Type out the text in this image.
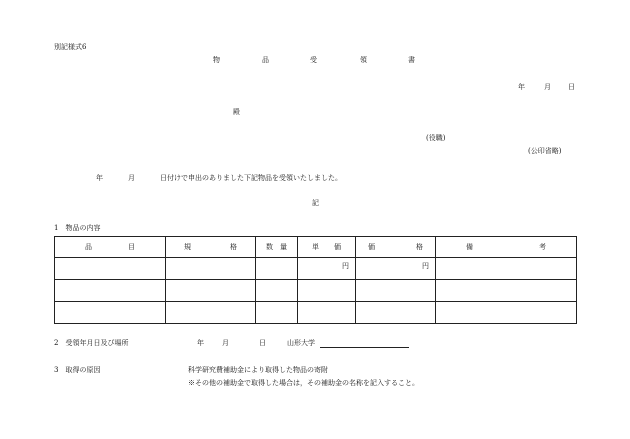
別記様式6
物	品	受	領	書
年	月 日
殿
(役職)
(公印省略)
年	月	日付けで申出のありました下記物品を受領いたしました。
記
1　物品の内容
品 目	規 格	数 量	単 価	価 格	備 考

			円	円	

2　受領年月日及び場所	年	月	日	山形大学
3　取得の原因	科学研究費補助金により取得した物品の寄附
※その他の補助金で取得した場合は，その補助金の名称を記入すること。
